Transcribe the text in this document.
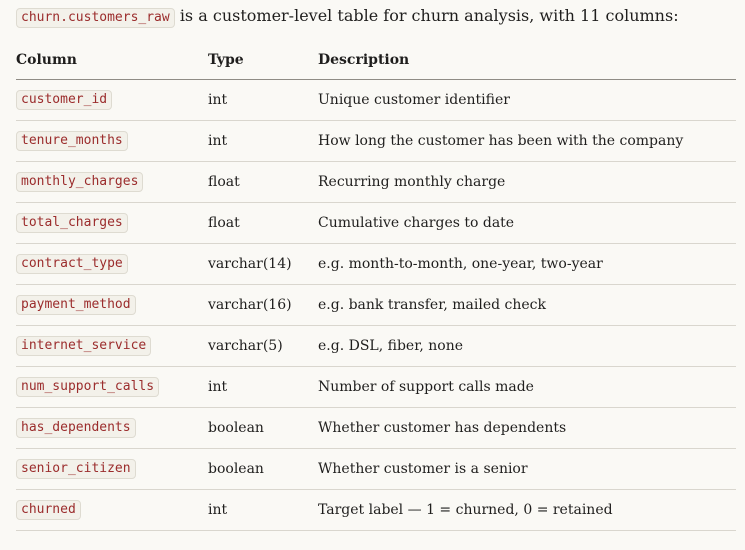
churn.customers_raw is a customer-level table for churn analysis, with 11 columns:
Column	Type	Description
customer_id	int	Unique customer identifier
tenure_months	int	How long the customer has been with the company
monthly_charges	float	Recurring monthly charge
total_charges	float	Cumulative charges to date
contract_type	varchar(14)	e.g. month-to-month, one-year, two-year
payment_method	varchar(16)	e.g. bank transfer, mailed check
internet_service	varchar(5)	e.g. DSL, fiber, none
num_support_calls	int	Number of support calls made
has_dependents	boolean	Whether customer has dependents
senior_citizen	boolean	Whether customer is a senior
churned	int	Target label — 1 = churned, 0 = retained
